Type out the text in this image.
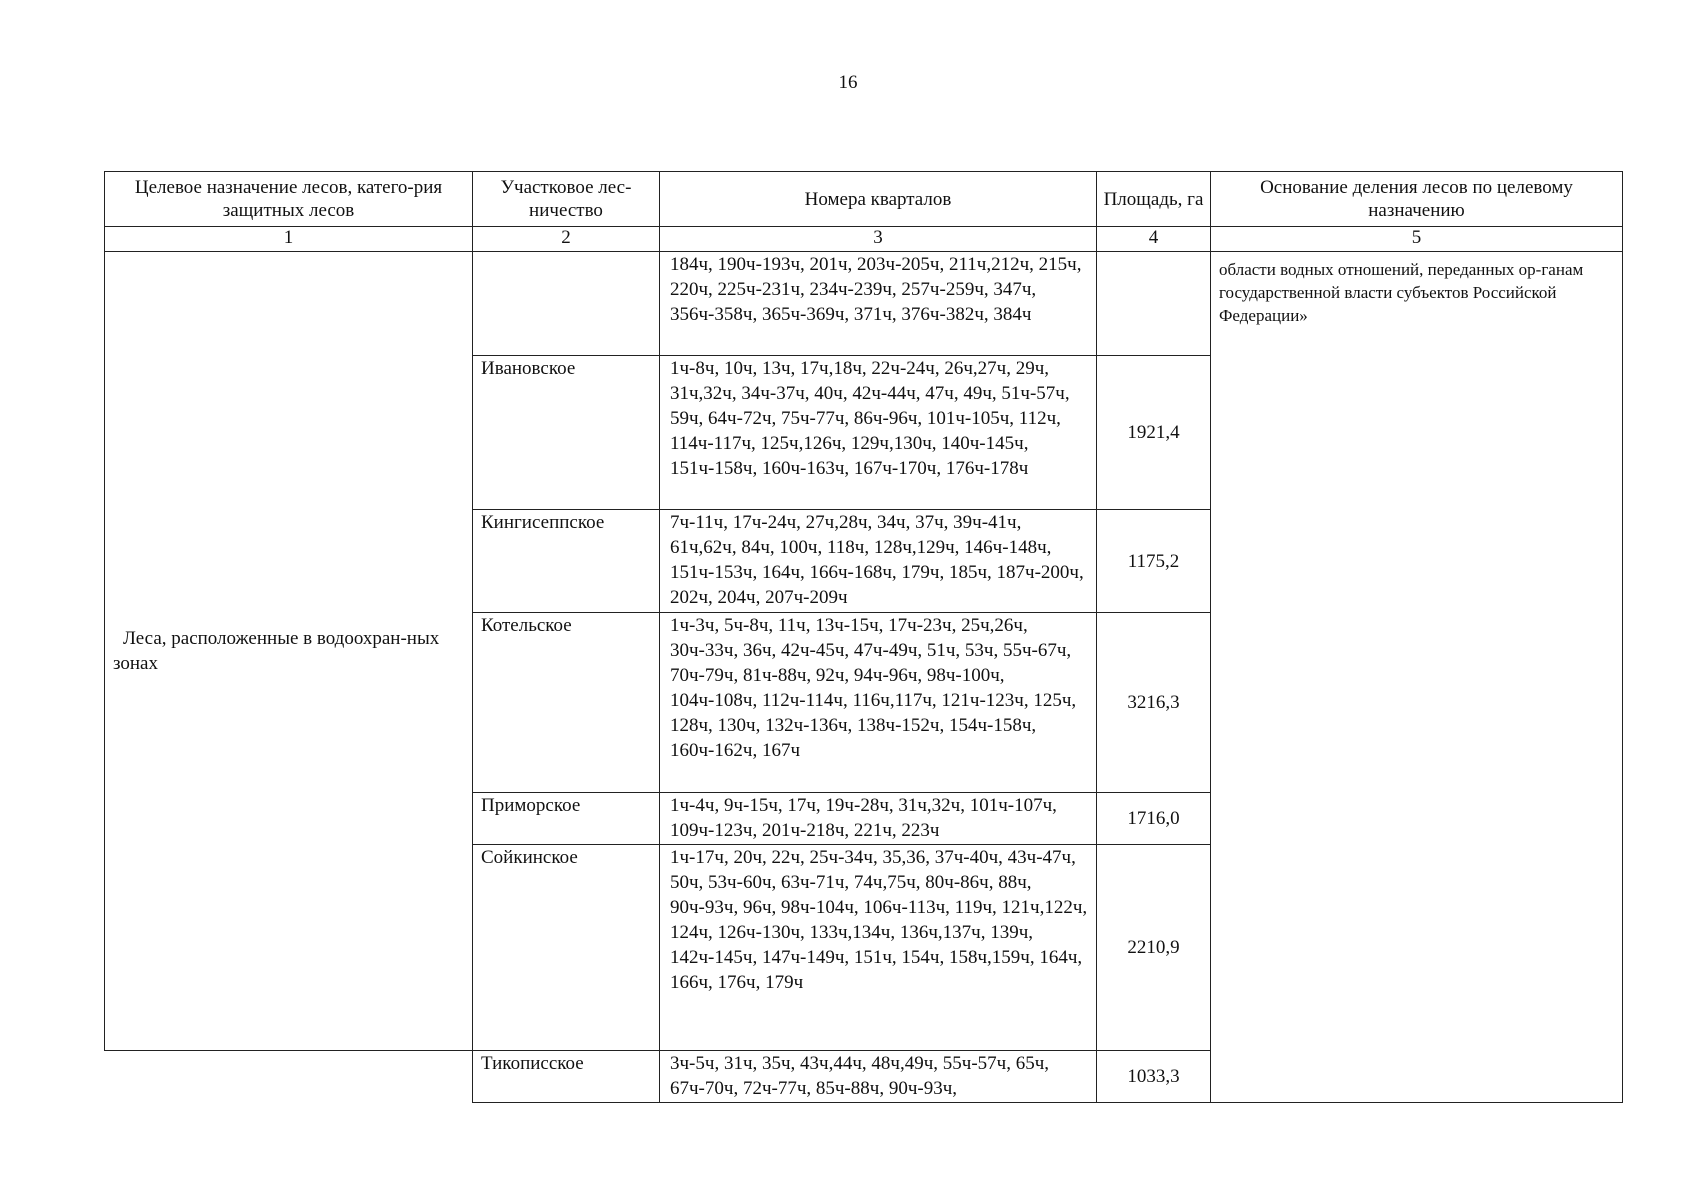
16
Целевое назначение лесов, катего-рия защитных лесов	Участковое лес-ничество	Номера кварталов	Площадь, га	Основание деления лесов по целевому назначению
1	2	3	4	5

Леса, расположенные в водоохран-ных зонах		184ч, 190ч-193ч, 201ч, 203ч-205ч, 211ч,212ч, 215ч, 220ч, 225ч-231ч, 234ч-239ч, 257ч-259ч, 347ч, 356ч-358ч, 365ч-369ч, 371ч, 376ч-382ч, 384ч		области водных отношений, переданных ор-ганам государственной власти субъектов Российской Федерации»
	Ивановское	1ч-8ч, 10ч, 13ч, 17ч,18ч, 22ч-24ч, 26ч,27ч, 29ч, 31ч,32ч, 34ч-37ч, 40ч, 42ч-44ч, 47ч, 49ч, 51ч-57ч, 59ч, 64ч-72ч, 75ч-77ч, 86ч-96ч, 101ч-105ч, 112ч, 114ч-117ч, 125ч,126ч, 129ч,130ч, 140ч-145ч, 151ч-158ч, 160ч-163ч, 167ч-170ч, 176ч-178ч	1921,4	
	Кингисеппское	7ч-11ч, 17ч-24ч, 27ч,28ч, 34ч, 37ч, 39ч-41ч, 61ч,62ч, 84ч, 100ч, 118ч, 128ч,129ч, 146ч-148ч, 151ч-153ч, 164ч, 166ч-168ч, 179ч, 185ч, 187ч-200ч, 202ч, 204ч, 207ч-209ч	1175,2	
	Котельское	1ч-3ч, 5ч-8ч, 11ч, 13ч-15ч, 17ч-23ч, 25ч,26ч, 30ч-33ч, 36ч, 42ч-45ч, 47ч-49ч, 51ч, 53ч, 55ч-67ч, 70ч-79ч, 81ч-88ч, 92ч, 94ч-96ч, 98ч-100ч, 104ч-108ч, 112ч-114ч, 116ч,117ч, 121ч-123ч, 125ч, 128ч, 130ч, 132ч-136ч, 138ч-152ч, 154ч-158ч, 160ч-162ч, 167ч	3216,3	
	Приморское	1ч-4ч, 9ч-15ч, 17ч, 19ч-28ч, 31ч,32ч, 101ч-107ч, 109ч-123ч, 201ч-218ч, 221ч, 223ч	1716,0	
	Сойкинское	1ч-17ч, 20ч, 22ч, 25ч-34ч, 35,36, 37ч-40ч, 43ч-47ч, 50ч, 53ч-60ч, 63ч-71ч, 74ч,75ч, 80ч-86ч, 88ч, 90ч-93ч, 96ч, 98ч-104ч, 106ч-113ч, 119ч, 121ч,122ч, 124ч, 126ч-130ч, 133ч,134ч, 136ч,137ч, 139ч, 142ч-145ч, 147ч-149ч, 151ч, 154ч, 158ч,159ч, 164ч, 166ч, 176ч, 179ч	2210,9	
	Тикописское	3ч-5ч, 31ч, 35ч, 43ч,44ч, 48ч,49ч, 55ч-57ч, 65ч, 67ч-70ч, 72ч-77ч, 85ч-88ч, 90ч-93ч,	1033,3	
